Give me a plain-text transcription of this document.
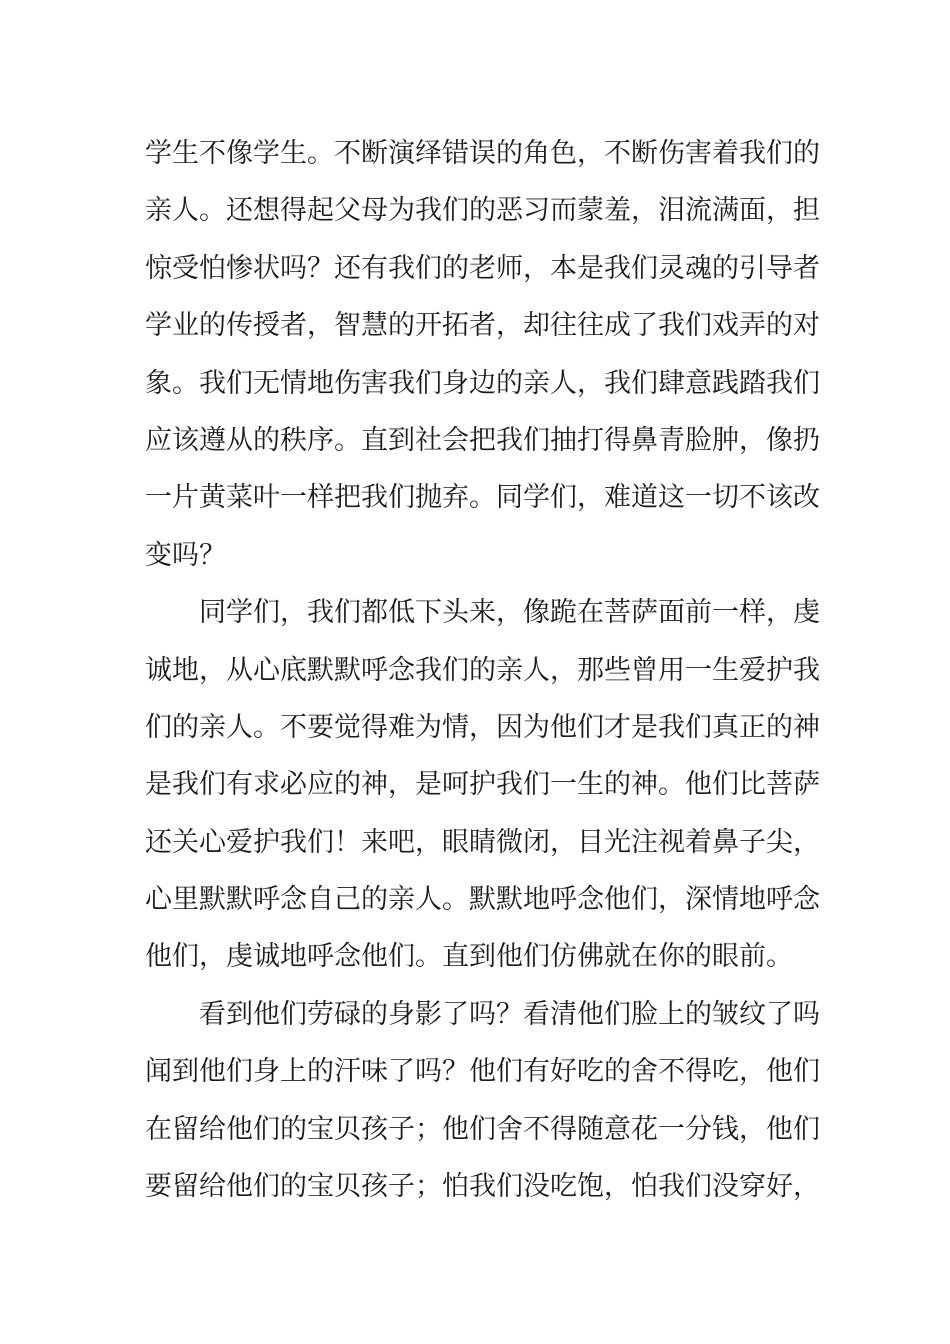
学生不像学生。不断演绎错误的角色，不断伤害着我们的
亲人。还想得起父母为我们的恶习而蒙羞，泪流满面，担
惊受怕惨状吗？还有我们的老师，本是我们灵魂的引导者
学业的传授者，智慧的开拓者，却往往成了我们戏弄的对
象。我们无情地伤害我们身边的亲人，我们肆意践踏我们
应该遵从的秩序。直到社会把我们抽打得鼻青脸肿，像扔
一片黄菜叶一样把我们抛弃。同学们，难道这一切不该改
变吗？
同学们，我们都低下头来，像跪在菩萨面前一样，虔
诚地，从心底默默呼念我们的亲人，那些曾用一生爱护我
们的亲人。不要觉得难为情，因为他们才是我们真正的神
是我们有求必应的神，是呵护我们一生的神。他们比菩萨
还关心爱护我们！来吧，眼睛微闭，目光注视着鼻子尖，
心里默默呼念自己的亲人。默默地呼念他们，深情地呼念
他们，虔诚地呼念他们。直到他们仿佛就在你的眼前。
看到他们劳碌的身影了吗？看清他们脸上的皱纹了吗
闻到他们身上的汗味了吗？他们有好吃的舍不得吃，他们
在留给他们的宝贝孩子；他们舍不得随意花一分钱，他们
要留给他们的宝贝孩子；怕我们没吃饱，怕我们没穿好，
